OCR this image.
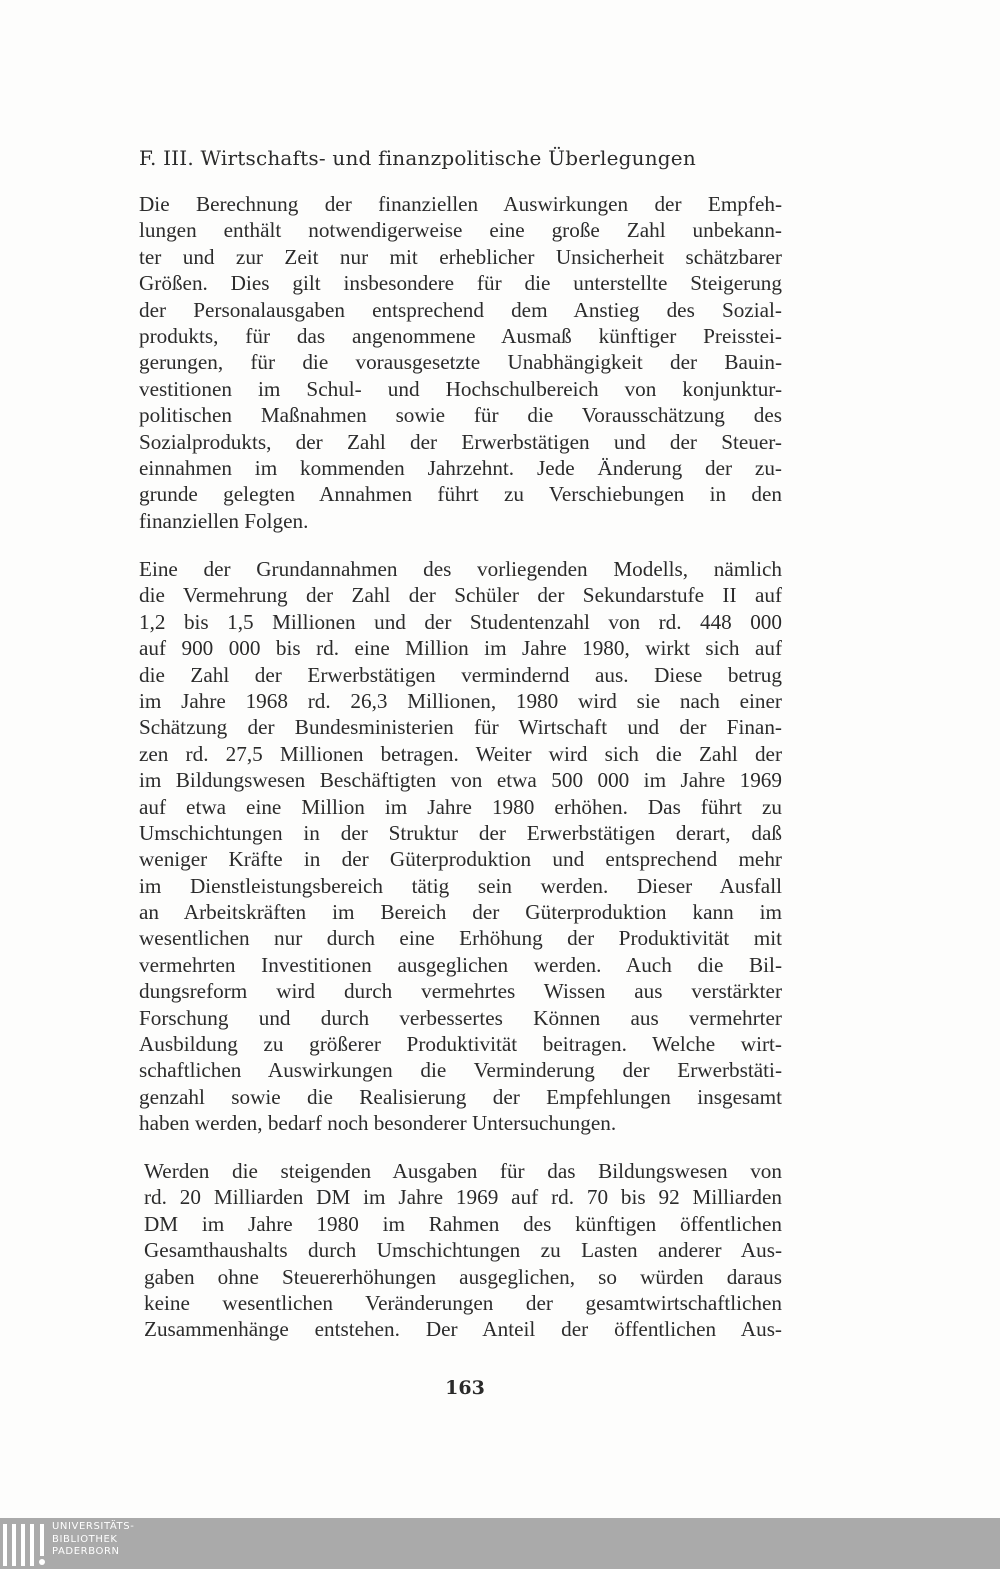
F. III. Wirtschafts- und finanzpolitische Überlegungen
Die Berechnung der finanziellen Auswirkungen der Empfeh-
lungen enthält notwendigerweise eine große Zahl unbekann-
ter und zur Zeit nur mit erheblicher Unsicherheit schätzbarer
Größen. Dies gilt insbesondere für die unterstellte Steigerung
der Personalausgaben entsprechend dem Anstieg des Sozial-
produkts, für das angenommene Ausmaß künftiger Preisstei-
gerungen, für die vorausgesetzte Unabhängigkeit der Bauin-
vestitionen im Schul- und Hochschulbereich von konjunktur-
politischen Maßnahmen sowie für die Vorausschätzung des
Sozialprodukts, der Zahl der Erwerbstätigen und der Steuer-
einnahmen im kommenden Jahrzehnt. Jede Änderung der zu-
grunde gelegten Annahmen führt zu Verschiebungen in den
finanziellen Folgen.
Eine der Grundannahmen des vorliegenden Modells, nämlich
die Vermehrung der Zahl der Schüler der Sekundarstufe II auf
1,2 bis 1,5 Millionen und der Studentenzahl von rd. 448 000
auf 900 000 bis rd. eine Million im Jahre 1980, wirkt sich auf
die Zahl der Erwerbstätigen vermindernd aus. Diese betrug
im Jahre 1968 rd. 26,3 Millionen, 1980 wird sie nach einer
Schätzung der Bundesministerien für Wirtschaft und der Finan-
zen rd. 27,5 Millionen betragen. Weiter wird sich die Zahl der
im Bildungswesen Beschäftigten von etwa 500 000 im Jahre 1969
auf etwa eine Million im Jahre 1980 erhöhen. Das führt zu
Umschichtungen in der Struktur der Erwerbstätigen derart, daß
weniger Kräfte in der Güterproduktion und entsprechend mehr
im Dienstleistungsbereich tätig sein werden. Dieser Ausfall
an Arbeitskräften im Bereich der Güterproduktion kann im
wesentlichen nur durch eine Erhöhung der Produktivität mit
vermehrten Investitionen ausgeglichen werden. Auch die Bil-
dungsreform wird durch vermehrtes Wissen aus verstärkter
Forschung und durch verbessertes Können aus vermehrter
Ausbildung zu größerer Produktivität beitragen. Welche wirt-
schaftlichen Auswirkungen die Verminderung der Erwerbstäti-
genzahl sowie die Realisierung der Empfehlungen insgesamt
haben werden, bedarf noch besonderer Untersuchungen.
Werden die steigenden Ausgaben für das Bildungswesen von
rd. 20 Milliarden DM im Jahre 1969 auf rd. 70 bis 92 Milliarden
DM im Jahre 1980 im Rahmen des künftigen öffentlichen
Gesamthaushalts durch Umschichtungen zu Lasten anderer Aus-
gaben ohne Steuererhöhungen ausgeglichen, so würden daraus
keine wesentlichen Veränderungen der gesamtwirtschaftlichen
Zusammenhänge entstehen. Der Anteil der öffentlichen Aus-
163
UNIVERSITÄTS-
BIBLIOTHEK
PADERBORN
